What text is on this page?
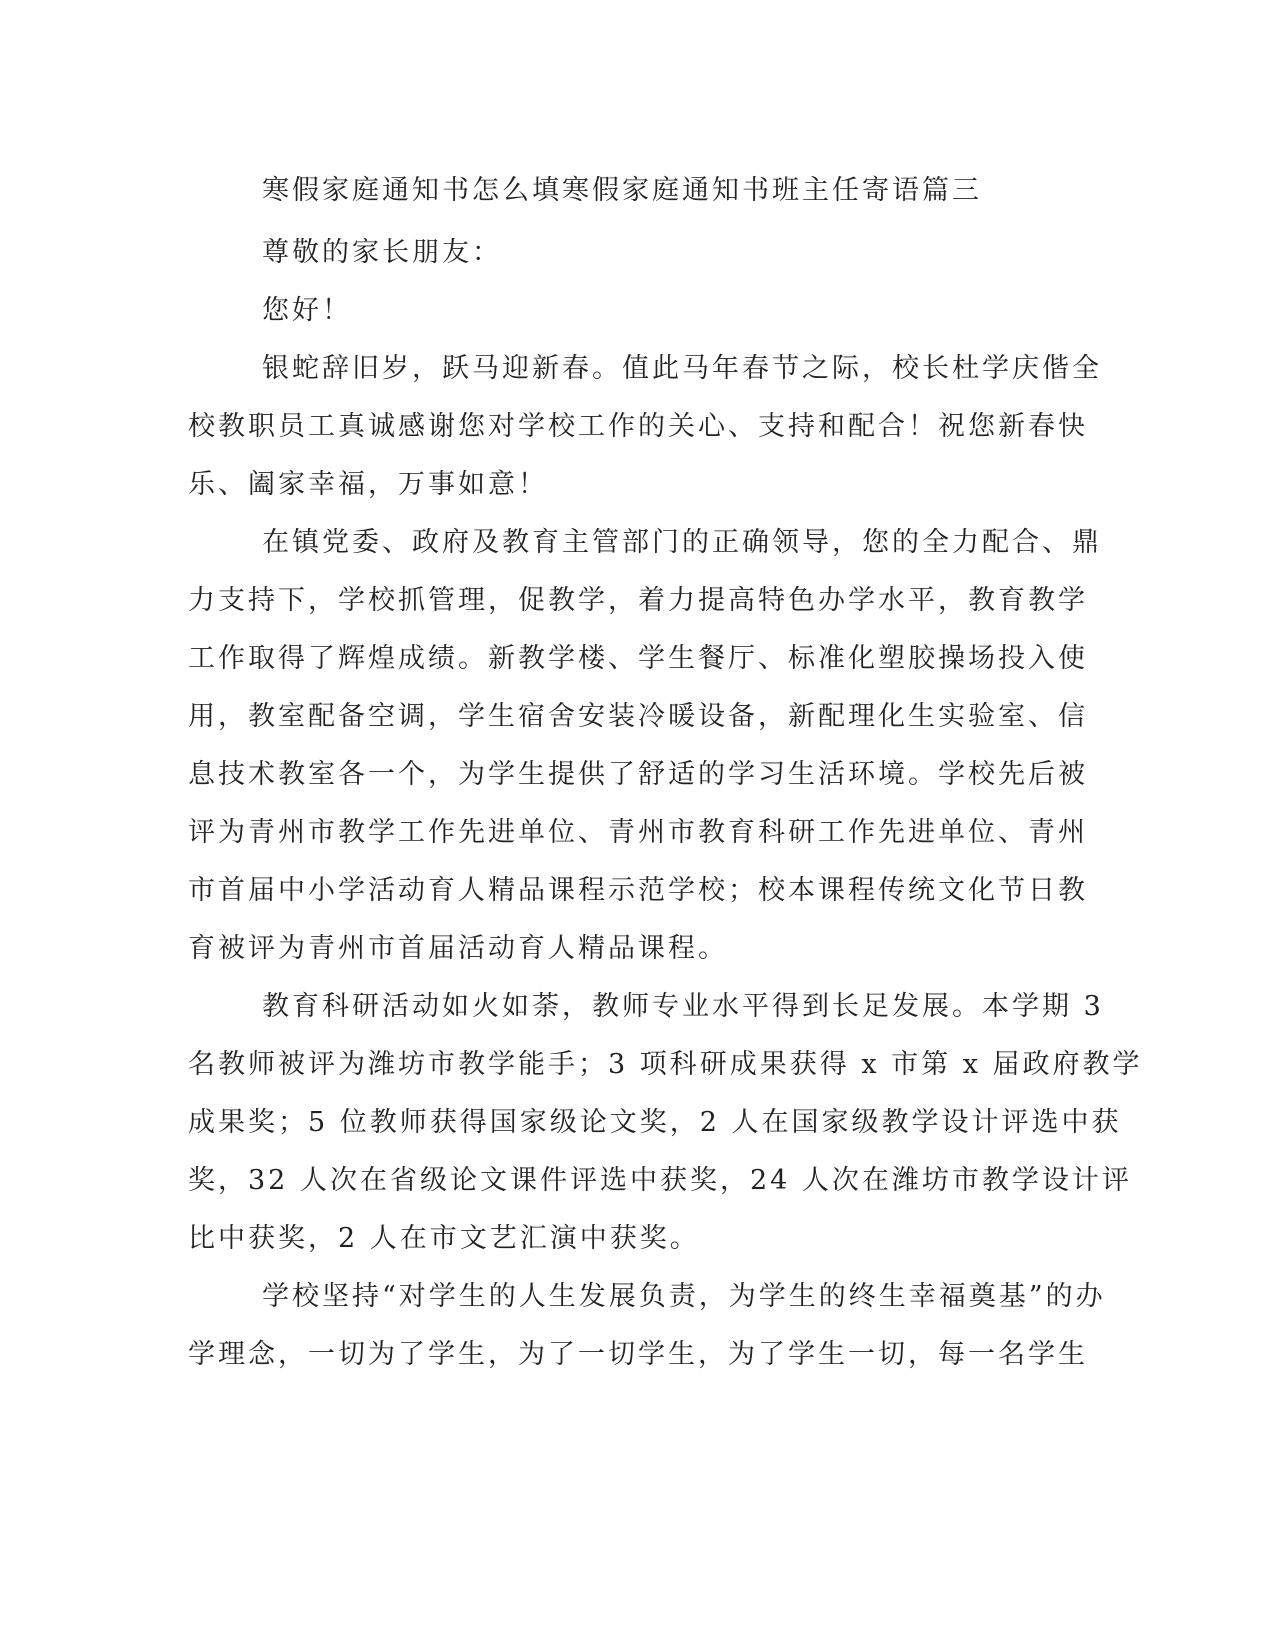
寒假家庭通知书怎么填寒假家庭通知书班主任寄语篇三

尊敬的家长朋友：

您好！

银蛇辞旧岁，跃马迎新春。值此马年春节之际，校长杜学庆偕全

校教职员工真诚感谢您对学校工作的关心、支持和配合！祝您新春快

乐、阖家幸福，万事如意！

在镇党委、政府及教育主管部门的正确领导，您的全力配合、鼎

力支持下，学校抓管理，促教学，着力提高特色办学水平，教育教学

工作取得了辉煌成绩。新教学楼、学生餐厅、标准化塑胶操场投入使

用，教室配备空调，学生宿舍安装冷暖设备，新配理化生实验室、信

息技术教室各一个，为学生提供了舒适的学习生活环境。学校先后被

评为青州市教学工作先进单位、青州市教育科研工作先进单位、青州

市首届中小学活动育人精品课程示范学校；校本课程传统文化节日教

育被评为青州市首届活动育人精品课程。

教育科研活动如火如荼，教师专业水平得到长足发展。本学期 3

名教师被评为潍坊市教学能手；3 项科研成果获得 x 市第 x 届政府教学

成果奖；5 位教师获得国家级论文奖，2 人在国家级教学设计评选中获

奖，32 人次在省级论文课件评选中获奖，24 人次在潍坊市教学设计评

比中获奖，2 人在市文艺汇演中获奖。

学校坚持“对学生的人生发展负责，为学生的终生幸福奠基”的办

学理念，一切为了学生，为了一切学生，为了学生一切，每一名学生
